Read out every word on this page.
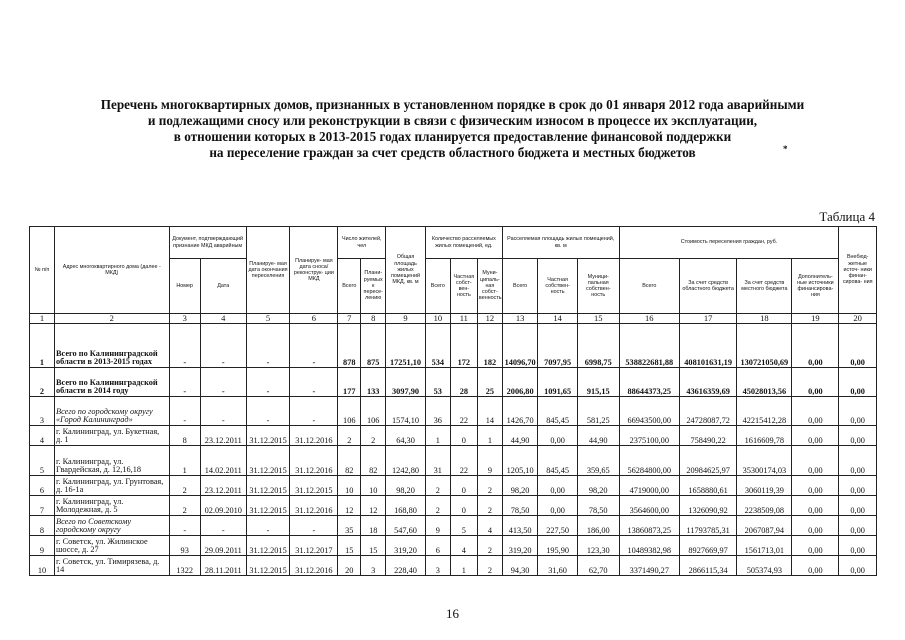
Перечень многоквартирных домов, признанных в установленном порядке в срок до 01 января 2012 года аварийными
и подлежащими сносу или реконструкции в связи с физическим износом в процессе их эксплуатации,
в отношении которых в 2013-2015 годах планируется предоставление финансовой поддержки
на переселение граждан за счет средств областного бюджета и местных бюджетов	*
Таблица 4
№ п/п	Адрес многоквартирного дома (далее - МКД)	Документ, подтверждающий признание МКД аварийным		Планируе- мая дата окончания переселения	Планируе- мая дата сноса/ реконструк- ции МКД	Число жителей, чел		Общая площадь жилых помещений МКД, кв. м	Количество расселяемых жилых помещений, ед.			Расселяемая площадь жилых помещений, кв. м			Стоимость переселения граждан, руб.				Внебюд- жетные источ- ники финан- сирова- ния
		Номер	Дата			Всего	Плани- руемых к пересе- лению		Всего	Частная собст- вен- ность	Муни- ципаль- ная собст- венность	Всего	Частная собствен- ность	Муници- пальная собствен- ность	Всего	За счет средств областного бюджета	За счет средств местного бюджета	Дополнитель- ные источники финансирова- ния	
1	2	3	4	5	6	7	8	9	10	11	12	13	14	15	16	17	18	19	20
1	Всего по Калининградской области в 2013-2015 годах	-	-	-	-	878	875	17251,10	534	172	182	14096,70	7097,95	6998,75	538822681,88	408101631,19	130721050,69	0,00	0,00
2	Всего по Калининградской области в 2014 году	-	-	-	-	177	133	3097,90	53	28	25	2006,80	1091,65	915,15	88644373,25	43616359,69	45028013,56	0,00	0,00
3	Всего по городскому округу «Город Калининград»	-	-	-	-	106	106	1574,10	36	22	14	1426,70	845,45	581,25	66943500,00	24728087,72	42215412,28	0,00	0,00
4	г. Калининград, ул. Букетная, д. 1	8	23.12.2011	31.12.2015	31.12.2016	2	2	64,30	1	0	1	44,90	0,00	44,90	2375100,00	758490,22	1616609,78	0,00	0,00
5	г. Калининград, ул. Гвардейская, д. 12,16,18	1	14.02.2011	31.12.2015	31.12.2016	82	82	1242,80	31	22	9	1205,10	845,45	359,65	56284800,00	20984625,97	35300174,03	0,00	0,00
6	г. Калининград, ул. Грунтовая, д. 16-1а	2	23.12.2011	31.12.2015	31.12.2015	10	10	98,20	2	0	2	98,20	0,00	98,20	4719000,00	1658880,61	3060119,39	0,00	0,00
7	г. Калининград, ул. Молодежная, д. 5	2	02.09.2010	31.12.2015	31.12.2016	12	12	168,80	2	0	2	78,50	0,00	78,50	3564600,00	1326090,92	2238509,08	0,00	0,00
8	Всего по Советскому городскому округу	-	-	-	-	35	18	547,60	9	5	4	413,50	227,50	186,00	13860873,25	11793785,31	2067087,94	0,00	0,00
9	г. Советск, ул. Жилинское шоссе, д. 27	93	29.09.2011	31.12.2015	31.12.2017	15	15	319,20	6	4	2	319,20	195,90	123,30	10489382,98	8927669,97	1561713,01	0,00	0,00
10	г. Советск, ул. Тимирязева, д. 14	1322	28.11.2011	31.12.2015	31.12.2016	20	3	228,40	3	1	2	94,30	31,60	62,70	3371490,27	2866115,34	505374,93	0,00	0,00
16
